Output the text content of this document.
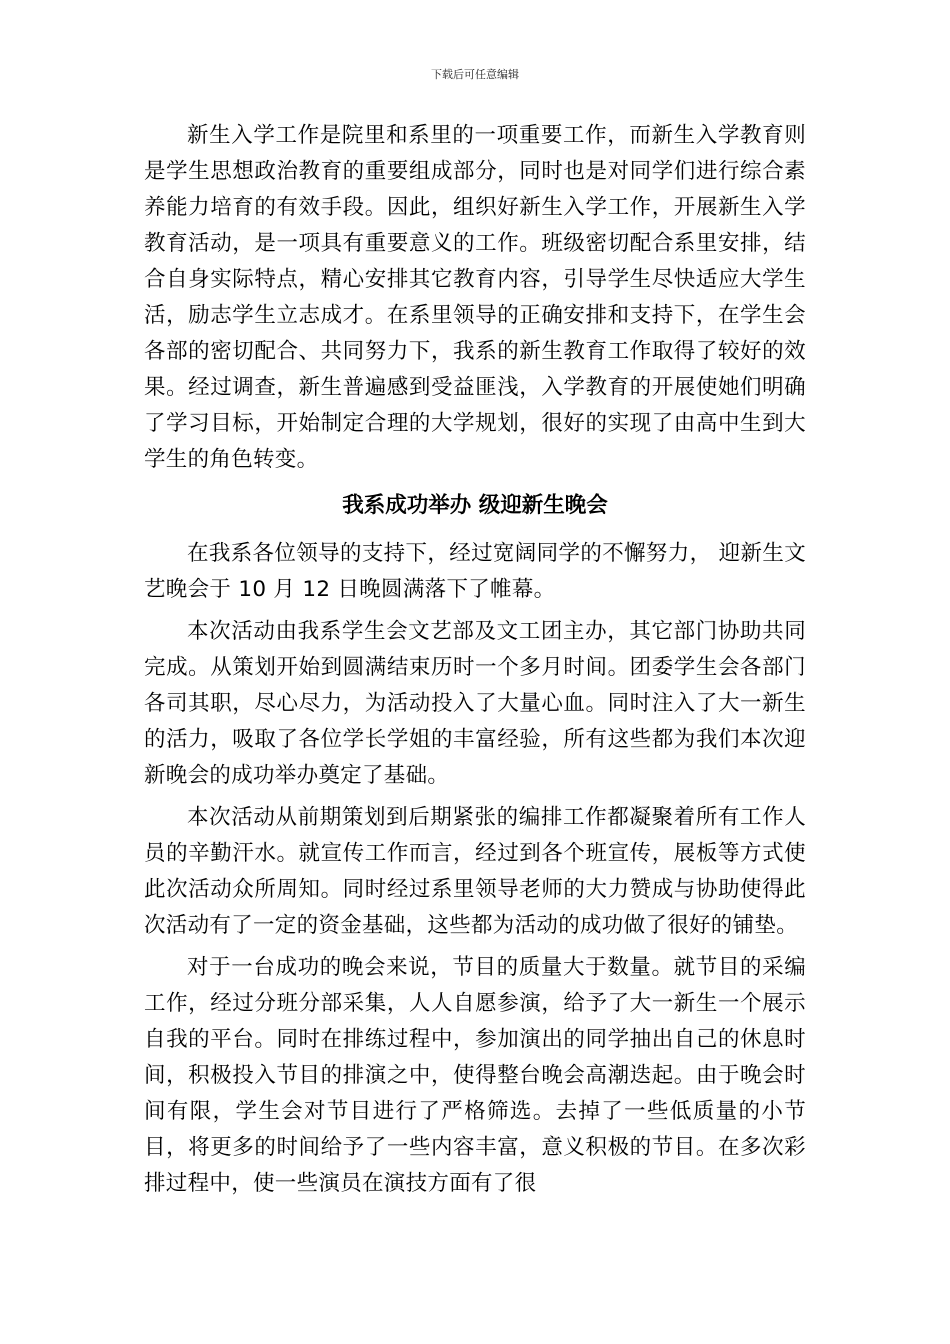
下载后可任意编辑

新生入学工作是院里和系里的一项重要工作，而新生入学教育则是学生思想政治教育的重要组成部分，同时也是对同学们进行综合素养能力培育的有效手段。因此，组织好新生入学工作，开展新生入学教育活动，是一项具有重要意义的工作。班级密切配合系里安排，结合自身实际特点，精心安排其它教育内容，引导学生尽快适应大学生活，励志学生立志成才。在系里领导的正确安排和支持下，在学生会各部的密切配合、共同努力下，我系的新生教育工作取得了较好的效果。经过调查，新生普遍感到受益匪浅，入学教育的开展使她们明确了学习目标，开始制定合理的大学规划，很好的实现了由高中生到大学生的角色转变。

我系成功举办 级迎新生晚会

在我系各位领导的支持下，经过宽阔同学的不懈努力， 迎新生文艺晚会于 10 月 12 日晚圆满落下了帷幕。

本次活动由我系学生会文艺部及文工团主办，其它部门协助共同完成。从策划开始到圆满结束历时一个多月时间。团委学生会各部门各司其职，尽心尽力，为活动投入了大量心血。同时注入了大一新生的活力，吸取了各位学长学姐的丰富经验，所有这些都为我们本次迎新晚会的成功举办奠定了基础。

本次活动从前期策划到后期紧张的编排工作都凝聚着所有工作人员的辛勤汗水。就宣传工作而言，经过到各个班宣传，展板等方式使此次活动众所周知。同时经过系里领导老师的大力赞成与协助使得此次活动有了一定的资金基础，这些都为活动的成功做了很好的铺垫。

对于一台成功的晚会来说，节目的质量大于数量。就节目的采编工作，经过分班分部采集，人人自愿参演，给予了大一新生一个展示自我的平台。同时在排练过程中，参加演出的同学抽出自己的休息时间，积极投入节目的排演之中，使得整台晚会高潮迭起。由于晚会时间有限，学生会对节目进行了严格筛选。去掉了一些低质量的小节目，将更多的时间给予了一些内容丰富，意义积极的节目。在多次彩排过程中，使一些演员在演技方面有了很
